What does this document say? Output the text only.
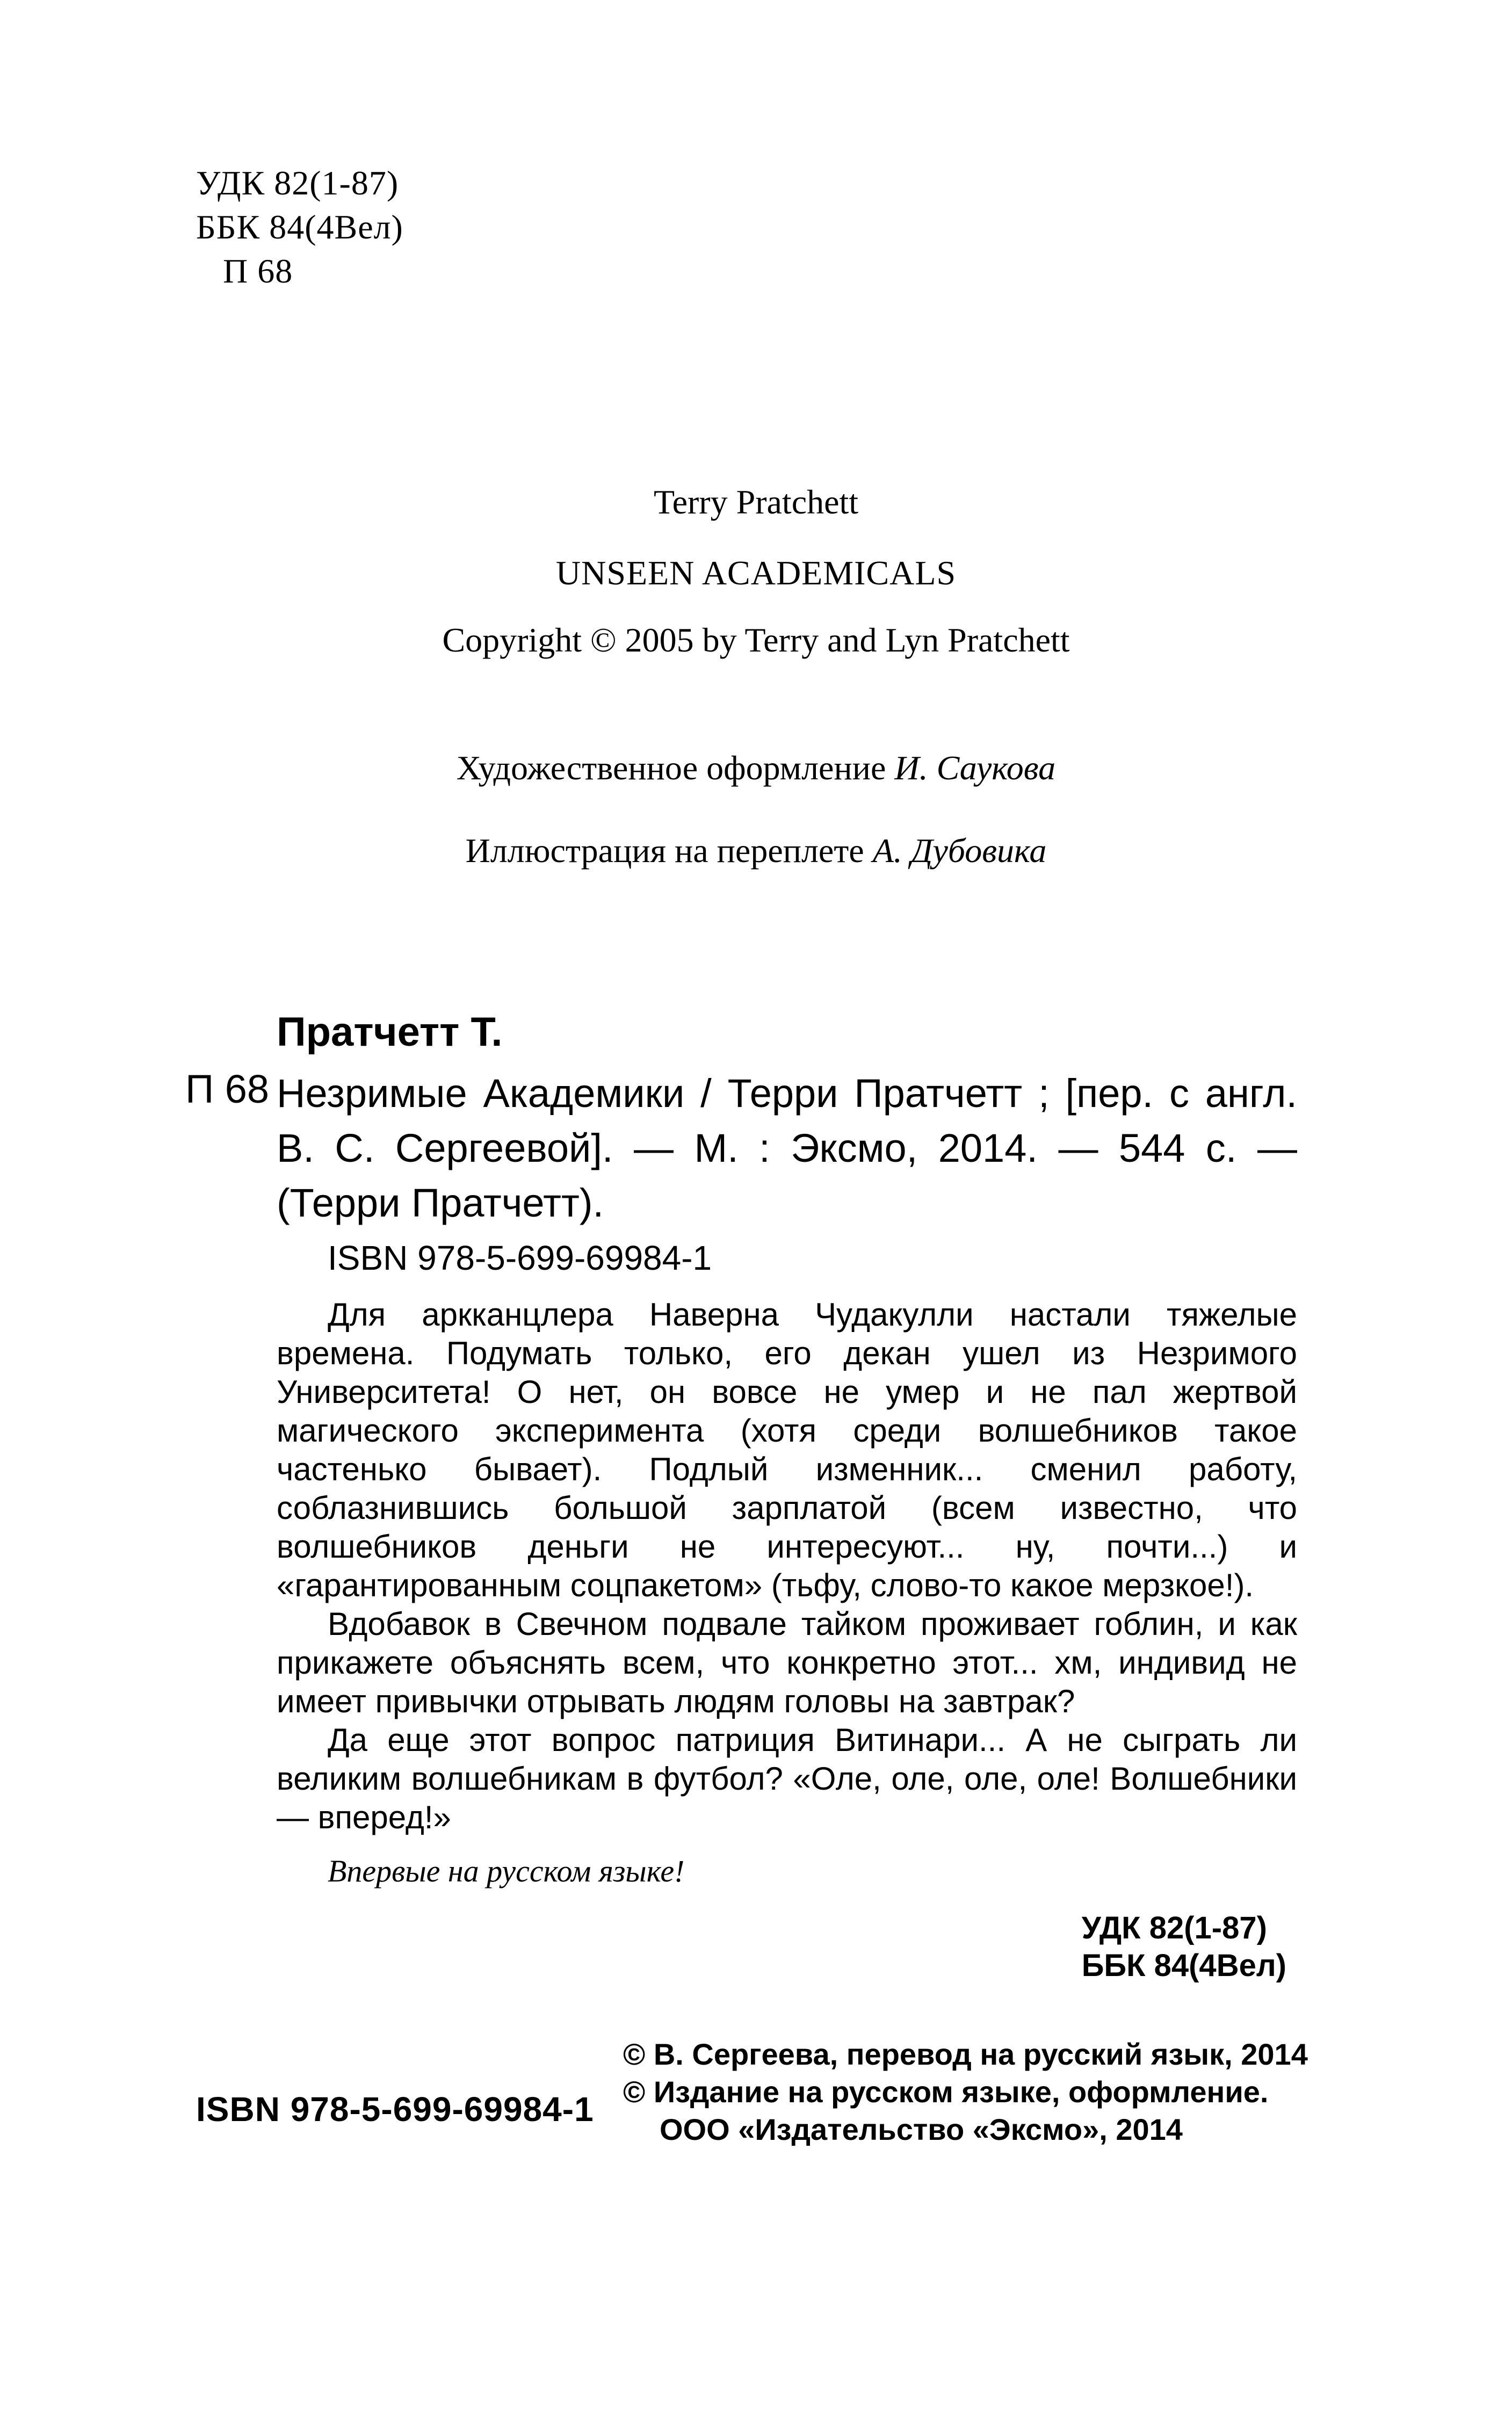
УДК 82(1-87)
ББК 84(4Вел)
П 68
Terry Pratchett
UNSEEN ACADEMICALS
Copyright © 2005 by Terry and Lyn Pratchett
Художественное оформление И. Саукова
Иллюстрация на переплете А. Дубовика
Пратчетт Т.
П 68 Незримые Академики / Терри Пратчетт ; [пер. с англ. В. С. Сергеевой]. — М. : Эксмо, 2014. — 544 с. — (Терри Пратчетт).
ISBN 978-5-699-69984-1

Для аркканцлера Наверна Чудакулли настали тяжелые времена. Подумать только, его декан ушел из Незримого Университета! О нет, он вовсе не умер и не пал жертвой магического эксперимента (хотя среди волшебников такое частенько бывает). Подлый изменник... сменил работу, соблазнившись большой зарплатой (всем известно, что волшебников деньги не интересуют... ну, почти...) и «гарантированным соцпакетом» (тьфу, слово-то какое мерзкое!).

Вдобавок в Свечном подвале тайком проживает гоблин, и как прикажете объяснять всем, что конкретно этот... хм, индивид не имеет привычки отрывать людям головы на завтрак?

Да еще этот вопрос патриция Витинари... А не сыграть ли великим волшебникам в футбол? «Оле, оле, оле, оле! Волшебники — вперед!»

Впервые на русском языке!
УДК 82(1-87)
ББК 84(4Вел)
ISBN 978-5-699-69984-1
© В. Сергеева, перевод на русский язык, 2014
© Издание на русском языке, оформление.
ООО «Издательство «Эксмо», 2014
